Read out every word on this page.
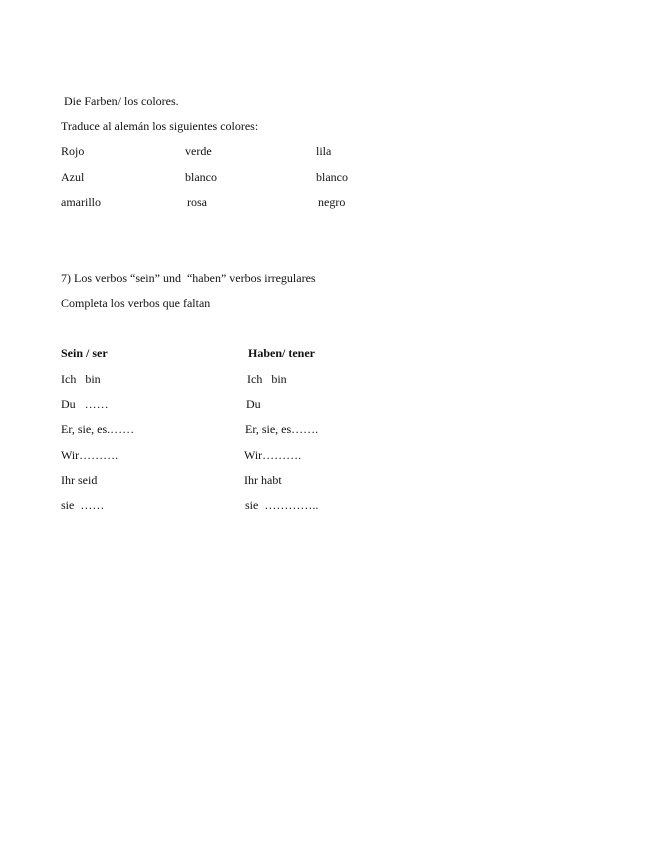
Die Farben/ los colores.
Traduce al alemán los siguientes colores:
Rojo	verde	lila
Azul	blanco	blanco
amarillo	rosa	negro
7) Los verbos “sein” und  “haben” verbos irregulares
Completa los verbos que faltan
Sein / ser	Haben/ tener
Ich   bin	Ich   bin
Du   ……	Du
Er, sie, es.……	Er, sie, es…….
Wir……….	Wir……….
Ihr seid	Ihr habt
sie  ……	sie  …………..
